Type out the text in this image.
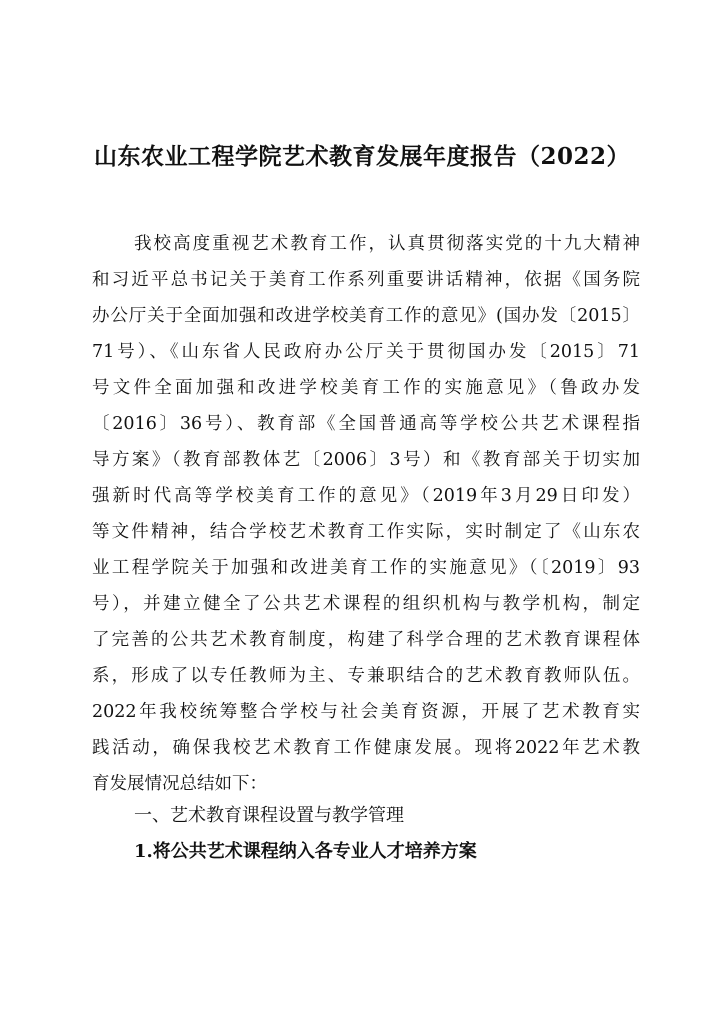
山东农业工程学院艺术教育发展年度报告（2022）
我校高度重视艺术教育工作，认真贯彻落实党的十九大精神
和习近平总书记关于美育工作系列重要讲话精神，依据《国务院
办公厅关于全面加强和改进学校美育工作的意见》(国办发〔2015〕
71号）、《山东省人民政府办公厅关于贯彻国办发〔2015〕71
号文件全面加强和改进学校美育工作的实施意见》（鲁政办发
〔2016〕36号）、教育部《全国普通高等学校公共艺术课程指
导方案》（教育部教体艺〔2006〕3号）和《教育部关于切实加
强新时代高等学校美育工作的意见》（2019年3月29日印发）
等文件精神，结合学校艺术教育工作实际，实时制定了《山东农
业工程学院关于加强和改进美育工作的实施意见》（〔2019〕93
号），并建立健全了公共艺术课程的组织机构与教学机构，制定
了完善的公共艺术教育制度，构建了科学合理的艺术教育课程体
系，形成了以专任教师为主、专兼职结合的艺术教育教师队伍。
2022年我校统筹整合学校与社会美育资源，开展了艺术教育实
践活动，确保我校艺术教育工作健康发展。现将2022年艺术教
育发展情况总结如下：
一、艺术教育课程设置与教学管理
1.将公共艺术课程纳入各专业人才培养方案
